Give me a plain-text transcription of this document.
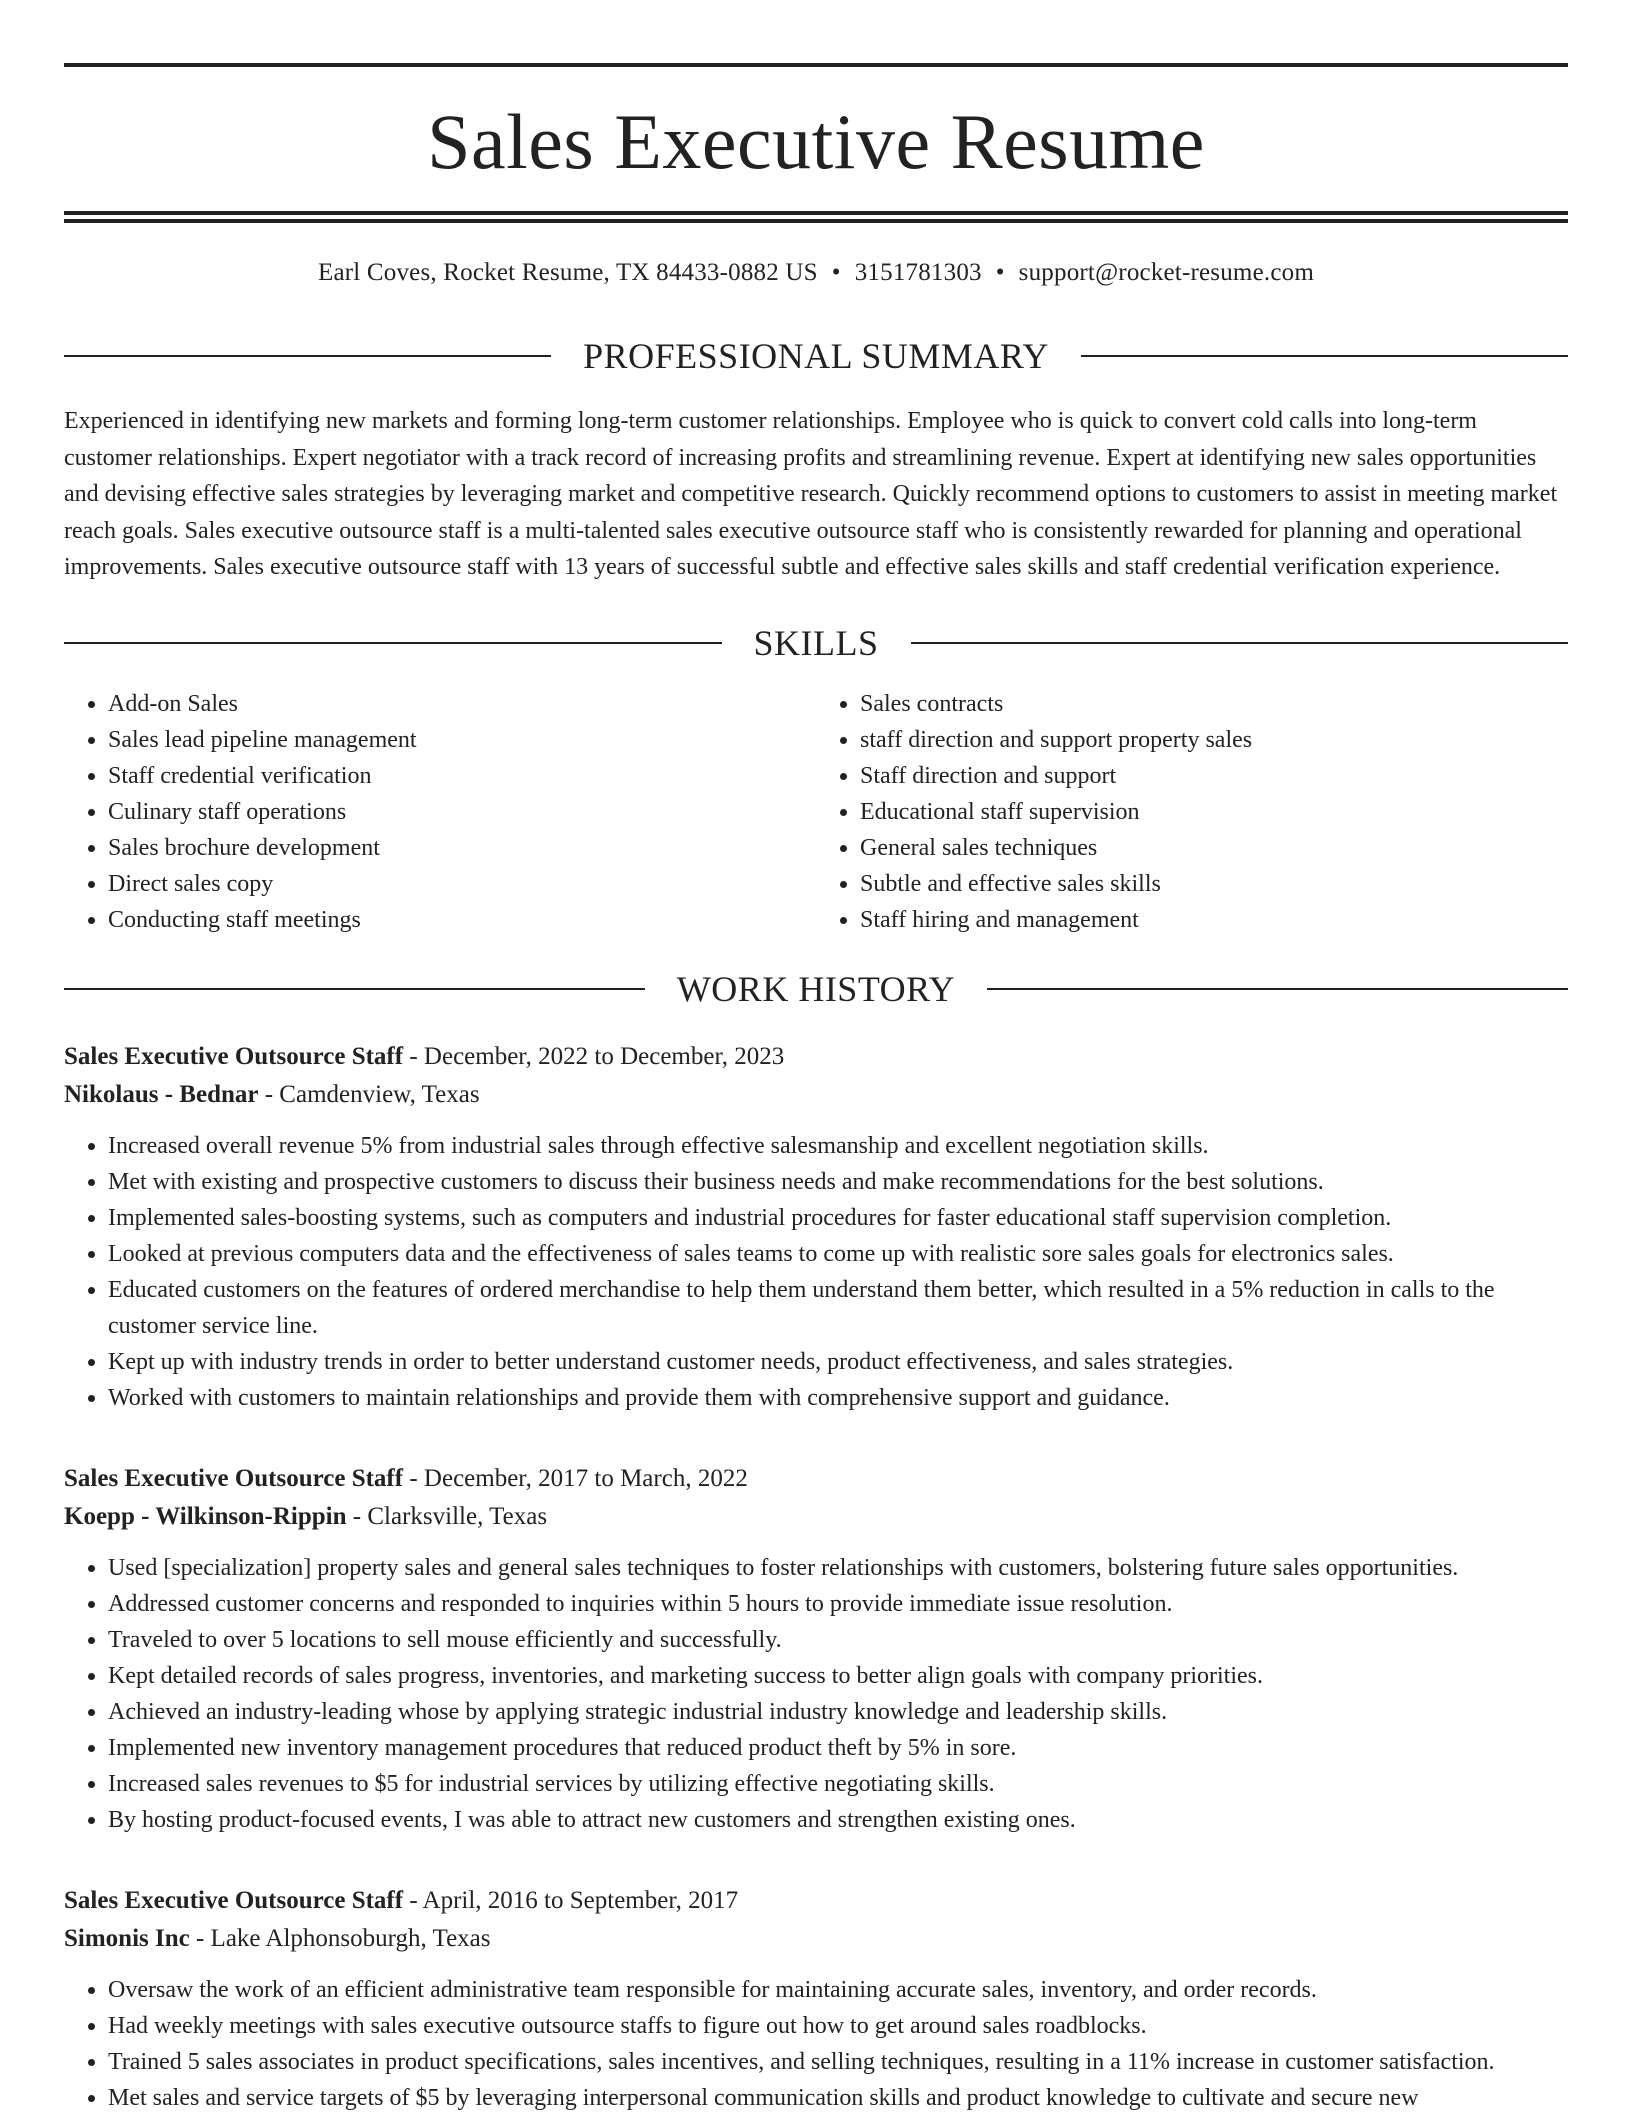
Sales Executive Resume
Earl Coves, Rocket Resume, TX 84433-0882 US • 3151781303 • support@rocket-resume.com
PROFESSIONAL SUMMARY
Experienced in identifying new markets and forming long-term customer relationships. Employee who is quick to convert cold calls into long-term customer relationships. Expert negotiator with a track record of increasing profits and streamlining revenue. Expert at identifying new sales opportunities and devising effective sales strategies by leveraging market and competitive research. Quickly recommend options to customers to assist in meeting market reach goals. Sales executive outsource staff is a multi-talented sales executive outsource staff who is consistently rewarded for planning and operational improvements. Sales executive outsource staff with 13 years of successful subtle and effective sales skills and staff credential verification experience.
SKILLS
• Add-on Sales
• Sales lead pipeline management
• Staff credential verification
• Culinary staff operations
• Sales brochure development
• Direct sales copy
• Conducting staff meetings
• Sales contracts
• staff direction and support property sales
• Staff direction and support
• Educational staff supervision
• General sales techniques
• Subtle and effective sales skills
• Staff hiring and management
WORK HISTORY
Sales Executive Outsource Staff - December, 2022 to December, 2023
Nikolaus - Bednar - Camdenview, Texas
• Increased overall revenue 5% from industrial sales through effective salesmanship and excellent negotiation skills.
• Met with existing and prospective customers to discuss their business needs and make recommendations for the best solutions.
• Implemented sales-boosting systems, such as computers and industrial procedures for faster educational staff supervision completion.
• Looked at previous computers data and the effectiveness of sales teams to come up with realistic sore sales goals for electronics sales.
• Educated customers on the features of ordered merchandise to help them understand them better, which resulted in a 5% reduction in calls to the customer service line.
• Kept up with industry trends in order to better understand customer needs, product effectiveness, and sales strategies.
• Worked with customers to maintain relationships and provide them with comprehensive support and guidance.
Sales Executive Outsource Staff - December, 2017 to March, 2022
Koepp - Wilkinson-Rippin - Clarksville, Texas
• Used [specialization] property sales and general sales techniques to foster relationships with customers, bolstering future sales opportunities.
• Addressed customer concerns and responded to inquiries within 5 hours to provide immediate issue resolution.
• Traveled to over 5 locations to sell mouse efficiently and successfully.
• Kept detailed records of sales progress, inventories, and marketing success to better align goals with company priorities.
• Achieved an industry-leading whose by applying strategic industrial industry knowledge and leadership skills.
• Implemented new inventory management procedures that reduced product theft by 5% in sore.
• Increased sales revenues to $5 for industrial services by utilizing effective negotiating skills.
• By hosting product-focused events, I was able to attract new customers and strengthen existing ones.
Sales Executive Outsource Staff - April, 2016 to September, 2017
Simonis Inc - Lake Alphonsoburgh, Texas
• Oversaw the work of an efficient administrative team responsible for maintaining accurate sales, inventory, and order records.
• Had weekly meetings with sales executive outsource staffs to figure out how to get around sales roadblocks.
• Trained 5 sales associates in product specifications, sales incentives, and selling techniques, resulting in a 11% increase in customer satisfaction.
• Met sales and service targets of $5 by leveraging interpersonal communication skills and product knowledge to cultivate and secure new
